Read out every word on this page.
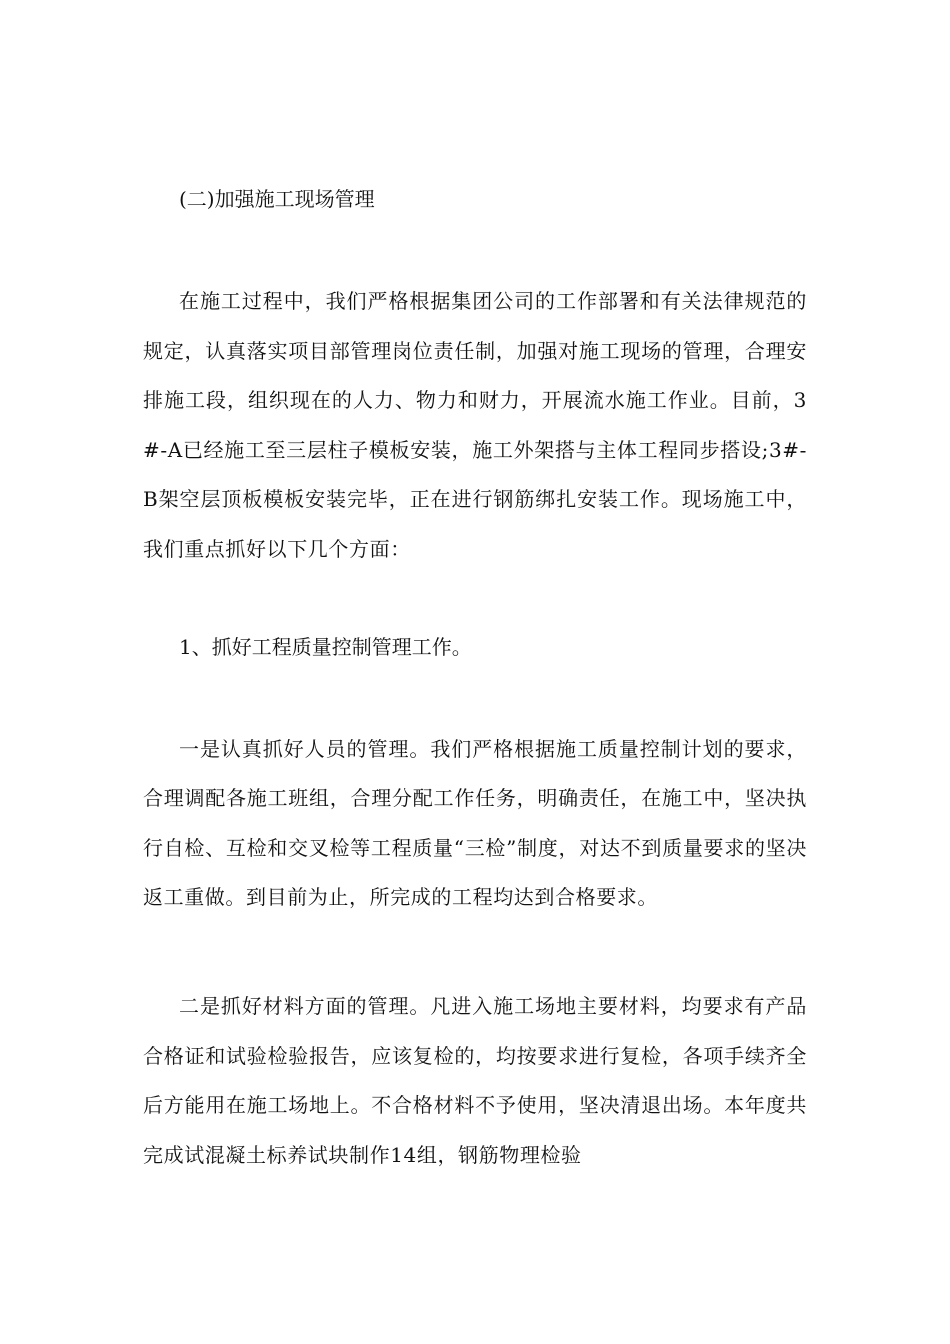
(二)加强施工现场管理

在施工过程中，我们严格根据集团公司的工作部署和有关法律规范的规定，认真落实项目部管理岗位责任制，加强对施工现场的管理，合理安排施工段，组织现在的人力、物力和财力，开展流水施工作业。目前，3#-A已经施工至三层柱子模板安装，施工外架搭与主体工程同步搭设;3#-B架空层顶板模板安装完毕，正在进行钢筋绑扎安装工作。现场施工中，我们重点抓好以下几个方面：

1、抓好工程质量控制管理工作。

一是认真抓好人员的管理。我们严格根据施工质量控制计划的要求，合理调配各施工班组，合理分配工作任务，明确责任，在施工中，坚决执行自检、互检和交叉检等工程质量“三检”制度，对达不到质量要求的坚决返工重做。到目前为止，所完成的工程均达到合格要求。

二是抓好材料方面的管理。凡进入施工场地主要材料，均要求有产品合格证和试验检验报告，应该复检的，均按要求进行复检，各项手续齐全后方能用在施工场地上。不合格材料不予使用，坚决清退出场。本年度共完成试混凝土标养试块制作14组，钢筋物理检验
